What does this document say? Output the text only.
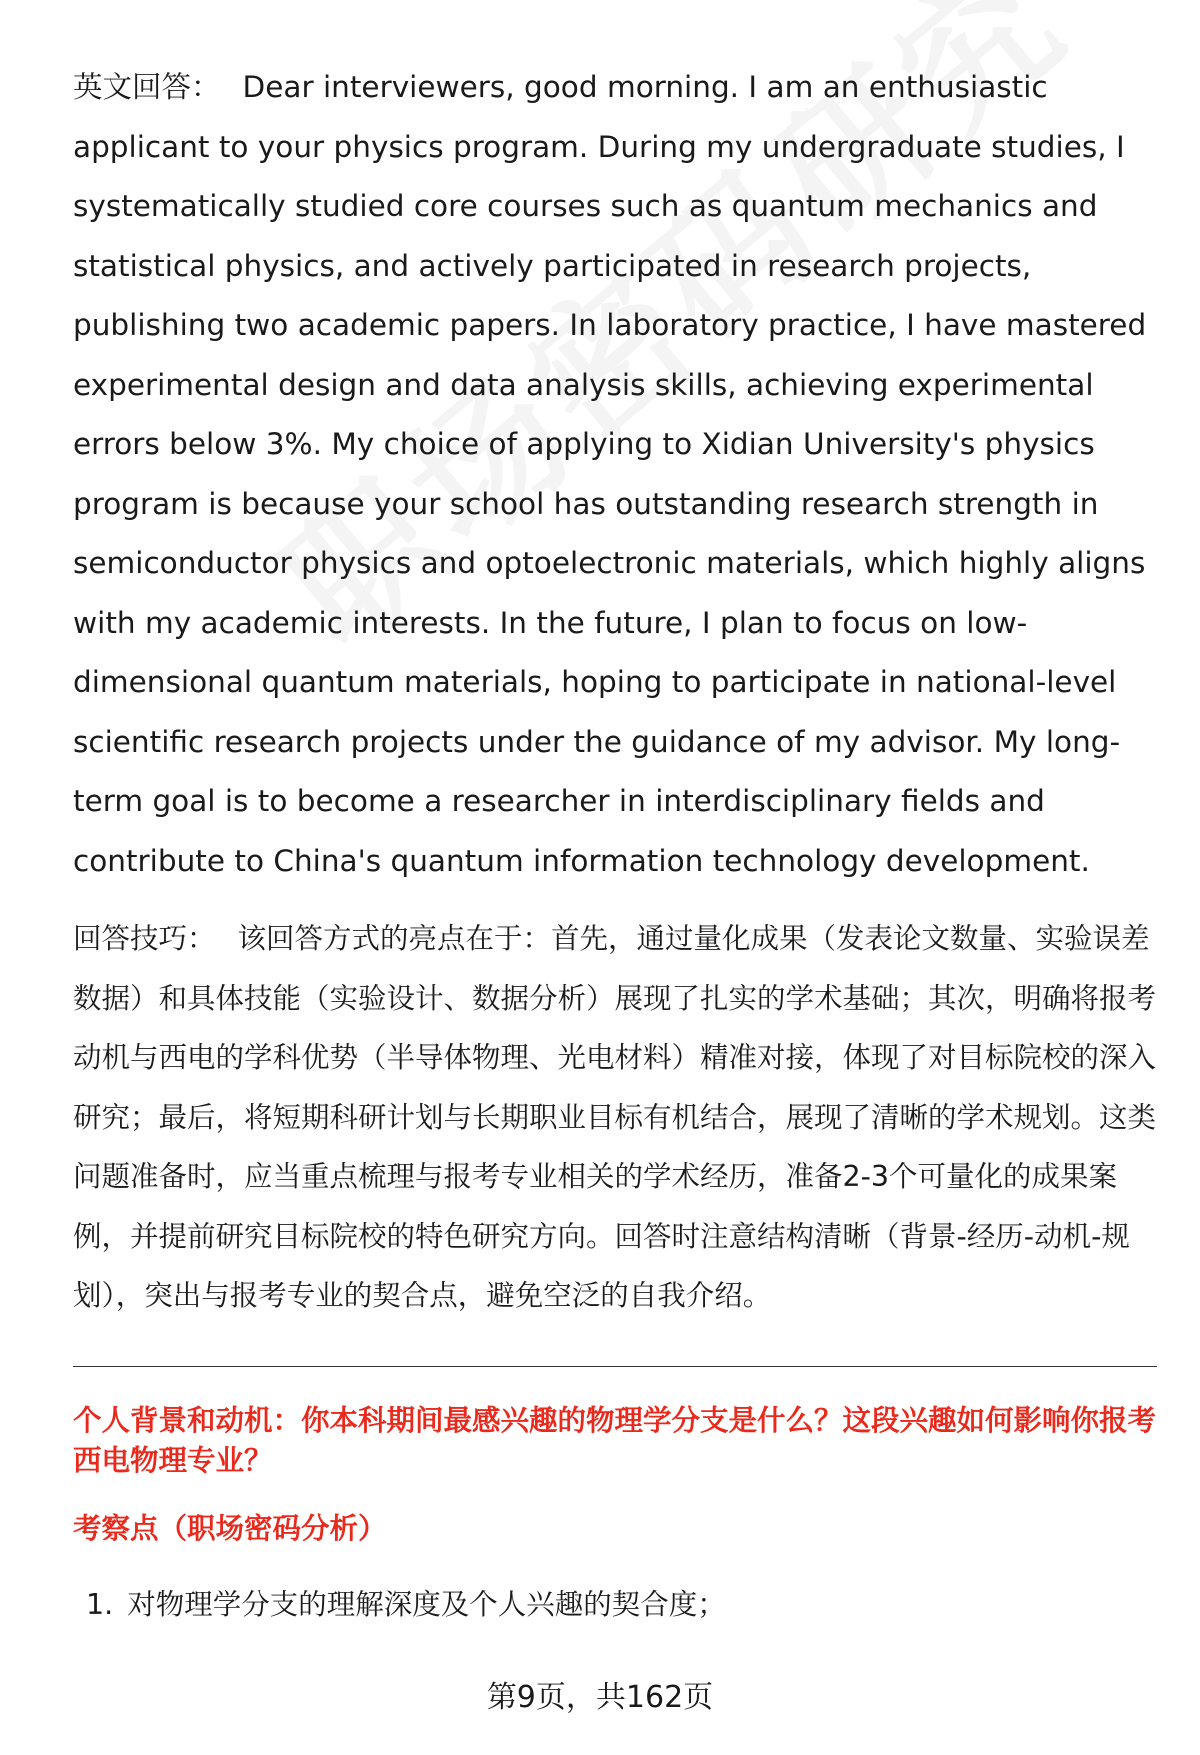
英文回答： Dear interviewers, good morning. I am an enthusiastic applicant to your physics program. During my undergraduate studies, I systematically studied core courses such as quantum mechanics and statistical physics, and actively participated in research projects, publishing two academic papers. In laboratory practice, I have mastered experimental design and data analysis skills, achieving experimental errors below 3%. My choice of applying to Xidian University's physics program is because your school has outstanding research strength in semiconductor physics and optoelectronic materials, which highly aligns with my academic interests. In the future, I plan to focus on low-dimensional quantum materials, hoping to participate in national-level scientific research projects under the guidance of my advisor. My long-term goal is to become a researcher in interdisciplinary fields and contribute to China's quantum information technology development.

回答技巧： 该回答方式的亮点在于：首先，通过量化成果（发表论文数量、实验误差数据）和具体技能（实验设计、数据分析）展现了扎实的学术基础；其次，明确将报考动机与西电的学科优势（半导体物理、光电材料）精准对接，体现了对目标院校的深入研究；最后，将短期科研计划与长期职业目标有机结合，展现了清晰的学术规划。这类问题准备时，应当重点梳理与报考专业相关的学术经历，准备2-3个可量化的成果案例，并提前研究目标院校的特色研究方向。回答时注意结构清晰（背景-经历-动机-规划），突出与报考专业的契合点，避免空泛的自我介绍。

个人背景和动机：你本科期间最感兴趣的物理学分支是什么？这段兴趣如何影响你报考西电物理专业？
考察点（职场密码分析）
1. 对物理学分支的理解深度及个人兴趣的契合度；
第9页，共162页
